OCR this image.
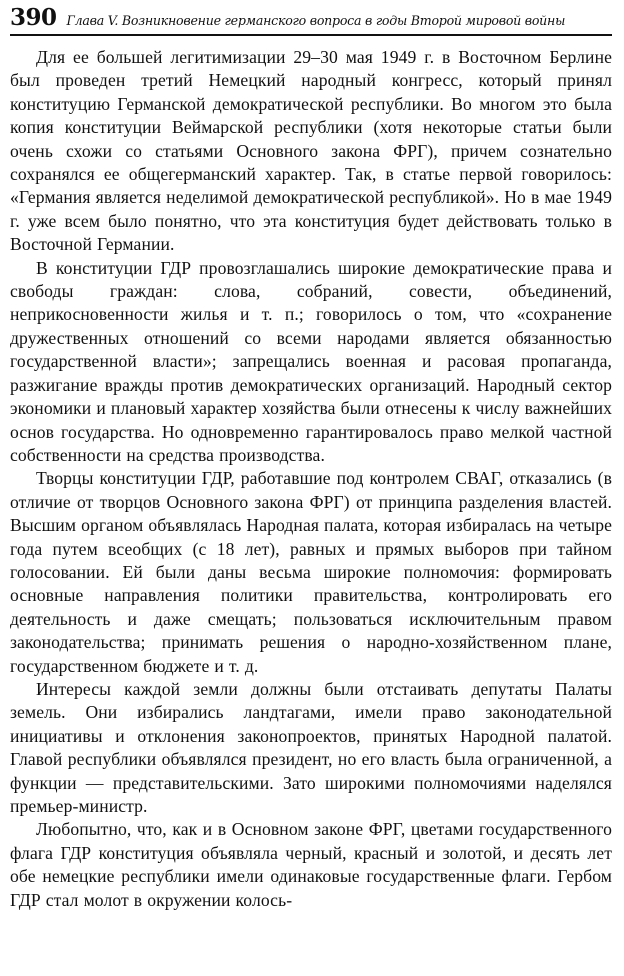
390 Глава V. Возникновение германского вопроса в годы Второй мировой войны

Для ее большей легитимизации 29–30 мая 1949 г. в Восточном Берлине был проведен третий Немецкий народный конгресс, который принял конституцию Германской демократической республики. Во многом это была копия конституции Веймарской республики (хотя некоторые статьи были очень схожи со статьями Основного закона ФРГ), причем сознательно сохранялся ее общегерманский характер. Так, в статье первой говорилось: «Германия является неделимой демократической республикой». Но в мае 1949 г. уже всем было понятно, что эта конституция будет действовать только в Восточной Германии.

В конституции ГДР провозглашались широкие демократические права и свободы граждан: слова, собраний, совести, объединений, неприкосновенности жилья и т. п.; говорилось о том, что «сохранение дружественных отношений со всеми народами является обязанностью государственной власти»; запрещались военная и расовая пропаганда, разжигание вражды против демократических организаций. Народный сектор экономики и плановый характер хозяйства были отнесены к числу важнейших основ государства. Но одновременно гарантировалось право мелкой частной собственности на средства производства.

Творцы конституции ГДР, работавшие под контролем СВАГ, отказались (в отличие от творцов Основного закона ФРГ) от принципа разделения властей. Высшим органом объявлялась Народная палата, которая избиралась на четыре года путем всеобщих (с 18 лет), равных и прямых выборов при тайном голосовании. Ей были даны весьма широкие полномочия: формировать основные направления политики правительства, контролировать его деятельность и даже смещать; пользоваться исключительным правом законодательства; принимать решения о народно-хозяйственном плане, государственном бюджете и т. д.

Интересы каждой земли должны были отстаивать депутаты Палаты земель. Они избирались ландтагами, имели право законодательной инициативы и отклонения законопроектов, принятых Народной палатой. Главой республики объявлялся президент, но его власть была ограниченной, а функции — представительскими. Зато широкими полномочиями наделялся премьер-министр.

Любопытно, что, как и в Основном законе ФРГ, цветами государственного флага ГДР конституция объявляла черный, красный и золотой, и десять лет обе немецкие республики имели одинаковые государственные флаги. Гербом ГДР стал молот в окружении колось-
